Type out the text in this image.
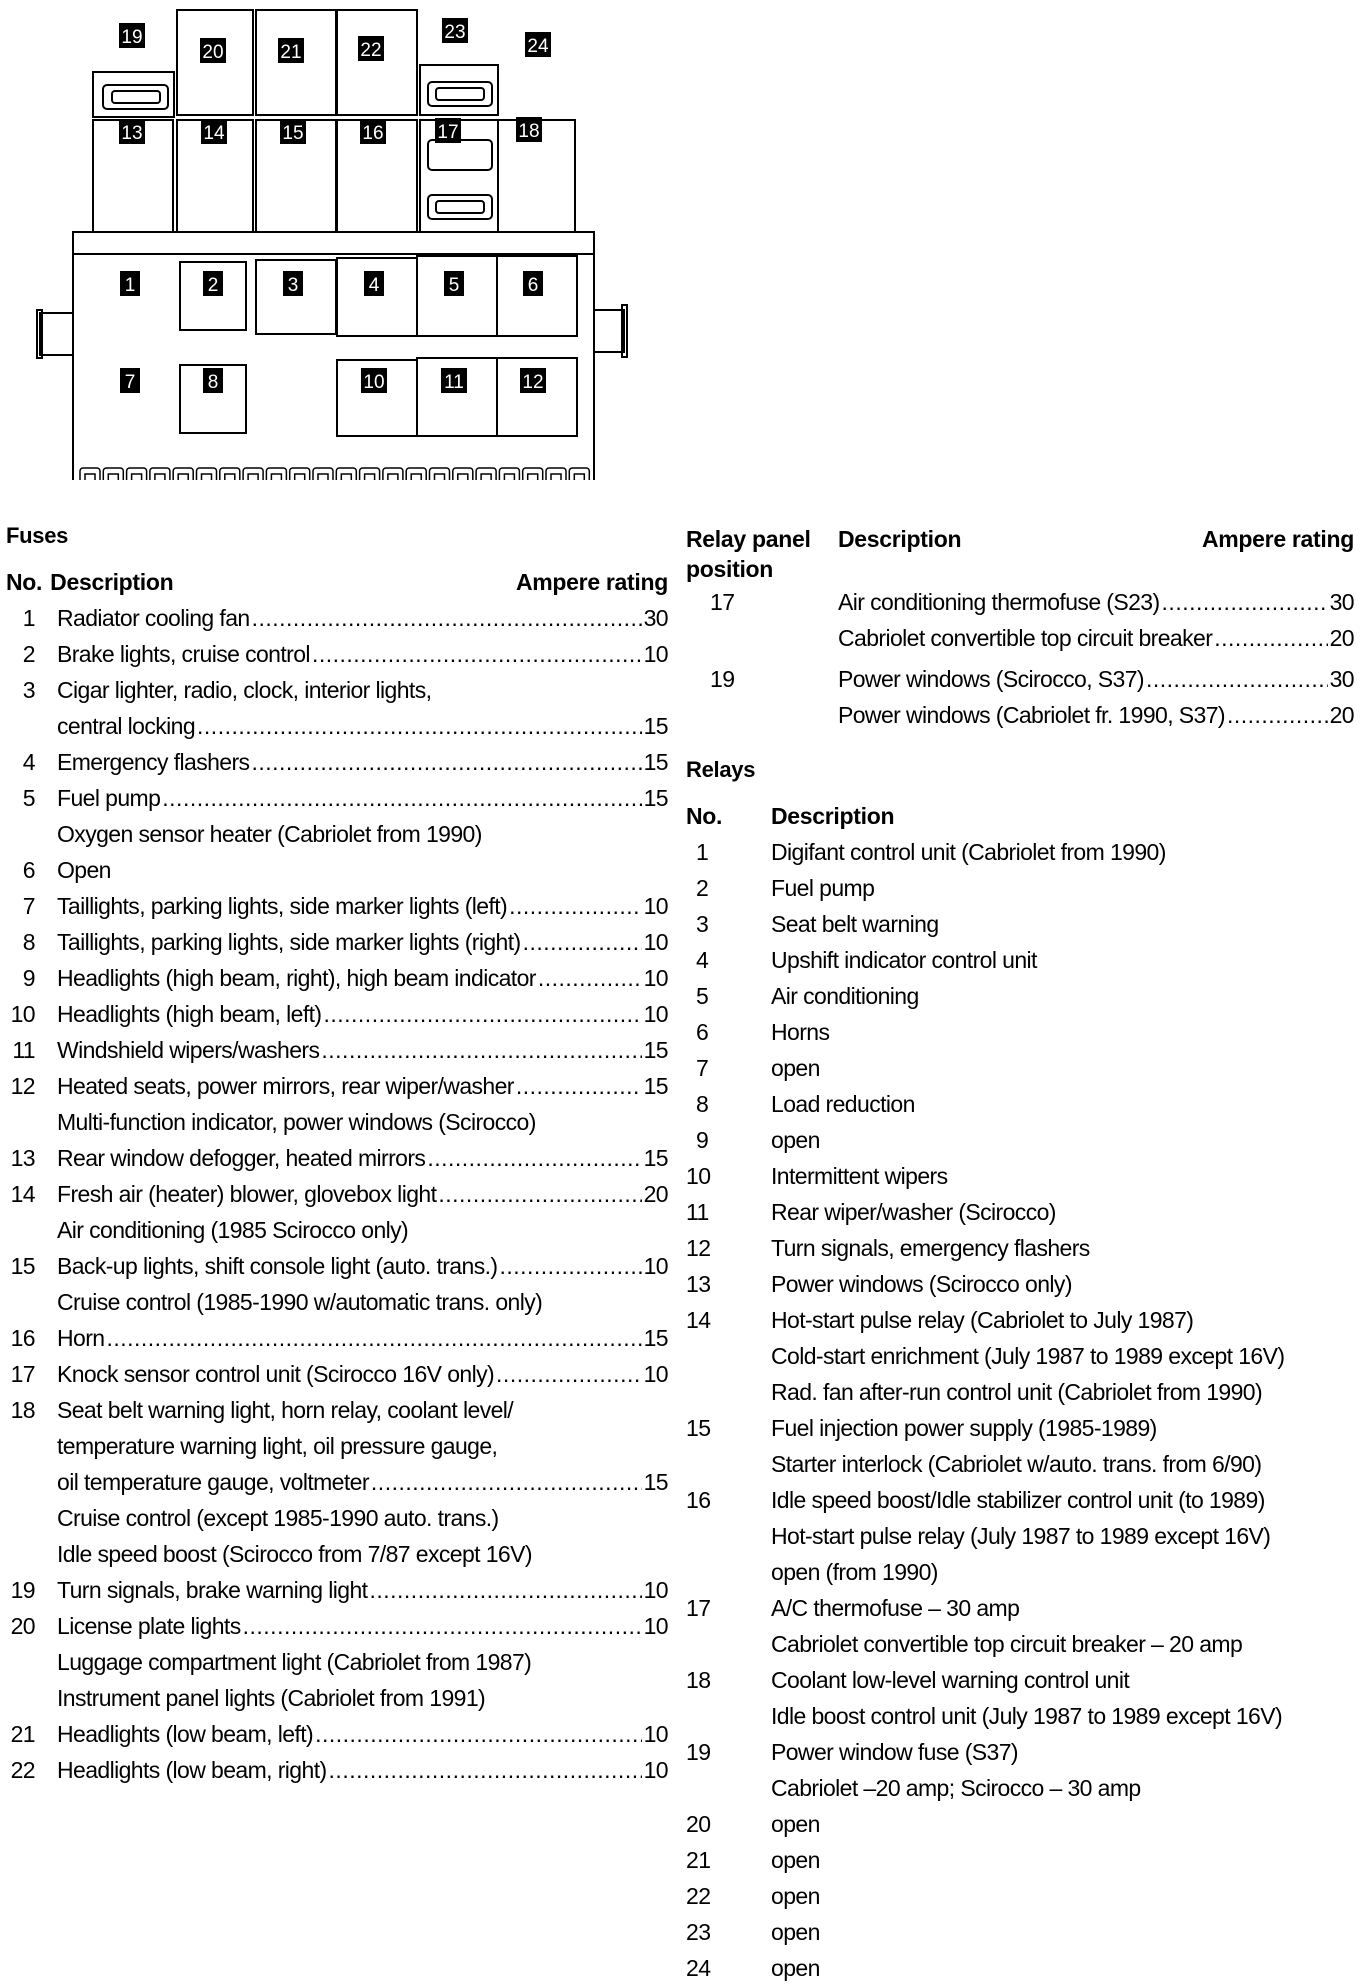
1	2	3	4	5	6
7	8	10	11	12
13	14	15	16	17	18
19
20	21	22
23
24
Fuses
No. Description	Ampere rating
1 Radiator cooling fan .....	30
2 Brake lights, cruise control .....	10
3 Cigar lighter, radio, clock, interior lights,
central locking .....	15
4 Emergency flashers .....	15
5 Fuel pump .....	15
Oxygen sensor heater (Cabriolet from 1990)
6 Open
7 Taillights, parking lights, side marker lights (left) .....	10
8 Taillights, parking lights, side marker lights (right) .....	10
9 Headlights (high beam, right), high beam indicator .....	10
10 Headlights (high beam, left) .....	10
11 Windshield wipers/washers .....	15
12 Heated seats, power mirrors, rear wiper/washer .....	15
Multi-function indicator, power windows (Scirocco)
13 Rear window defogger, heated mirrors .....	15
14 Fresh air (heater) blower, glovebox light .....	20
Air conditioning (1985 Scirocco only)
15 Back-up lights, shift console light (auto. trans.) .....	10
Cruise control (1985-1990 w/automatic trans. only)
16 Horn .....	15
17 Knock sensor control unit (Scirocco 16V only) .....	10
18 Seat belt warning light, horn relay, coolant level/
temperature warning light, oil pressure gauge,
oil temperature gauge, voltmeter .....	15
Cruise control (except 1985-1990 auto. trans.)
Idle speed boost (Scirocco from 7/87 except 16V)
19 Turn signals, brake warning light .....	10
20 License plate lights .....	10
Luggage compartment light (Cabriolet from 1987)
Instrument panel lights (Cabriolet from 1991)
21 Headlights (low beam, left) .....	10
22 Headlights (low beam, right) .....	10
Relay panel	Description	Ampere rating
position
17	Air conditioning thermofuse (S23) .....	30
Cabriolet convertible top circuit breaker .....	20
19	Power windows (Scirocco, S37) .....	30
Power windows (Cabriolet fr. 1990, S37) .....	20
Relays
No.	Description
1	Digifant control unit (Cabriolet from 1990)
2	Fuel pump
3	Seat belt warning
4	Upshift indicator control unit
5	Air conditioning
6	Horns
7	open
8	Load reduction
9	open
10	Intermittent wipers
11	Rear wiper/washer (Scirocco)
12	Turn signals, emergency flashers
13	Power windows (Scirocco only)
14	Hot-start pulse relay (Cabriolet to July 1987)
Cold-start enrichment (July 1987 to 1989 except 16V)
Rad. fan after-run control unit (Cabriolet from 1990)
15	Fuel injection power supply (1985-1989)
Starter interlock (Cabriolet w/auto. trans. from 6/90)
16	Idle speed boost/Idle stabilizer control unit (to 1989)
Hot-start pulse relay (July 1987 to 1989 except 16V)
open (from 1990)
17	A/C thermofuse – 30 amp
Cabriolet convertible top circuit breaker – 20 amp
18	Coolant low-level warning control unit
Idle boost control unit (July 1987 to 1989 except 16V)
19	Power window fuse (S37)
Cabriolet –20 amp; Scirocco – 30 amp
20	open
21	open
22	open
23	open
24	open
